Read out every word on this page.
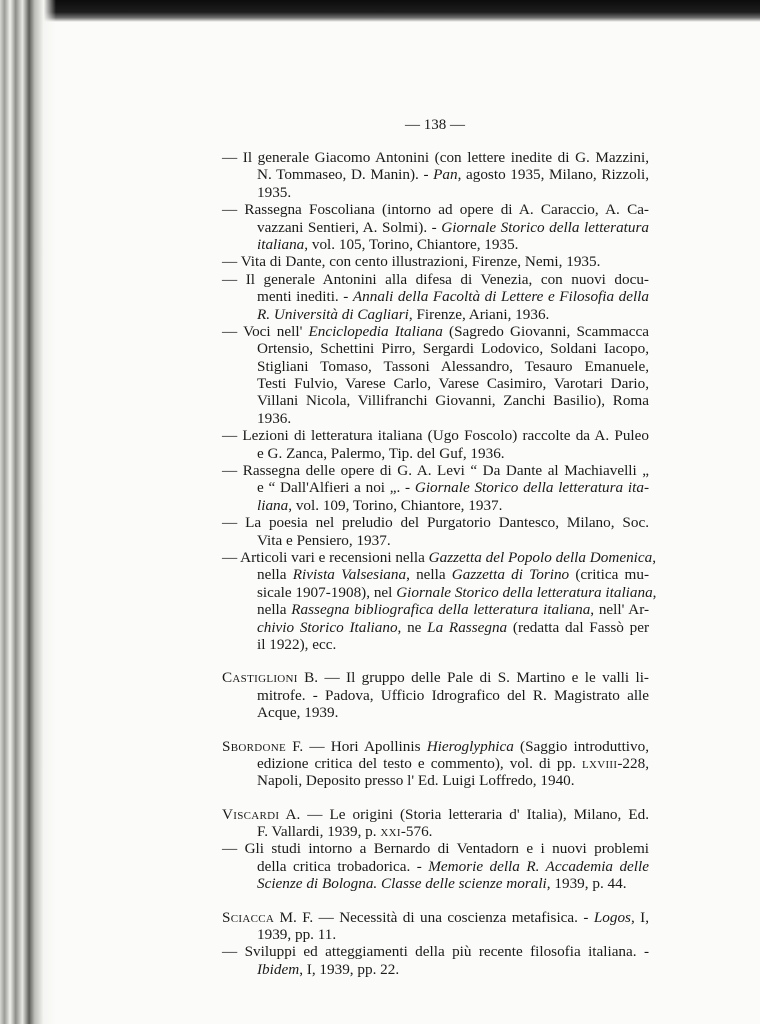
— 138 —
— Il generale Giacomo Antonini (con lettere inedite di G. Mazzini,
N. Tommaseo, D. Manin). - Pan, agosto 1935, Milano, Rizzoli,
1935.
— Rassegna Foscoliana (intorno ad opere di A. Caraccio, A. Ca-
vazzani Sentieri, A. Solmi). - Giornale Storico della letteratura
italiana, vol. 105, Torino, Chiantore, 1935.
— Vita di Dante, con cento illustrazioni, Firenze, Nemi, 1935.
— Il generale Antonini alla difesa di Venezia, con nuovi docu-
menti inediti. - Annali della Facoltà di Lettere e Filosofia della
R. Università di Cagliari, Firenze, Ariani, 1936.
— Voci nell' Enciclopedia Italiana (Sagredo Giovanni, Scammacca
Ortensio, Schettini Pirro, Sergardi Lodovico, Soldani Iacopo,
Stigliani Tomaso, Tassoni Alessandro, Tesauro Emanuele,
Testi Fulvio, Varese Carlo, Varese Casimiro, Varotari Dario,
Villani Nicola, Villifranchi Giovanni, Zanchi Basilio), Roma
1936.
— Lezioni di letteratura italiana (Ugo Foscolo) raccolte da A. Puleo
e G. Zanca, Palermo, Tip. del Guf, 1936.
— Rassegna delle opere di G. A. Levi “ Da Dante al Machiavelli „
e “ Dall'Alfieri a noi „. - Giornale Storico della letteratura ita-
liana, vol. 109, Torino, Chiantore, 1937.
— La poesia nel preludio del Purgatorio Dantesco, Milano, Soc.
Vita e Pensiero, 1937.
— Articoli vari e recensioni nella Gazzetta del Popolo della Domenica,
nella Rivista Valsesiana, nella Gazzetta di Torino (critica mu-
sicale 1907-1908), nel Giornale Storico della letteratura italiana,
nella Rassegna bibliografica della letteratura italiana, nell' Ar-
chivio Storico Italiano, ne La Rassegna (redatta dal Fassò per
il 1922), ecc.
Castiglioni B. — Il gruppo delle Pale di S. Martino e le valli li-
mitrofe. - Padova, Ufficio Idrografico del R. Magistrato alle
Acque, 1939.
Sbordone F. — Hori Apollinis Hieroglyphica (Saggio introduttivo,
edizione critica del testo e commento), vol. di pp. lxviii-228,
Napoli, Deposito presso l' Ed. Luigi Loffredo, 1940.
Viscardi A. — Le origini (Storia letteraria d' Italia), Milano, Ed.
F. Vallardi, 1939, p. xxi-576.
— Gli studi intorno a Bernardo di Ventadorn e i nuovi problemi
della critica trobadorica. - Memorie della R. Accademia delle
Scienze di Bologna. Classe delle scienze morali, 1939, p. 44.
Sciacca M. F. — Necessità di una coscienza metafisica. - Logos, I,
1939, pp. 11.
— Sviluppi ed atteggiamenti della più recente filosofia italiana. -
Ibidem, I, 1939, pp. 22.
